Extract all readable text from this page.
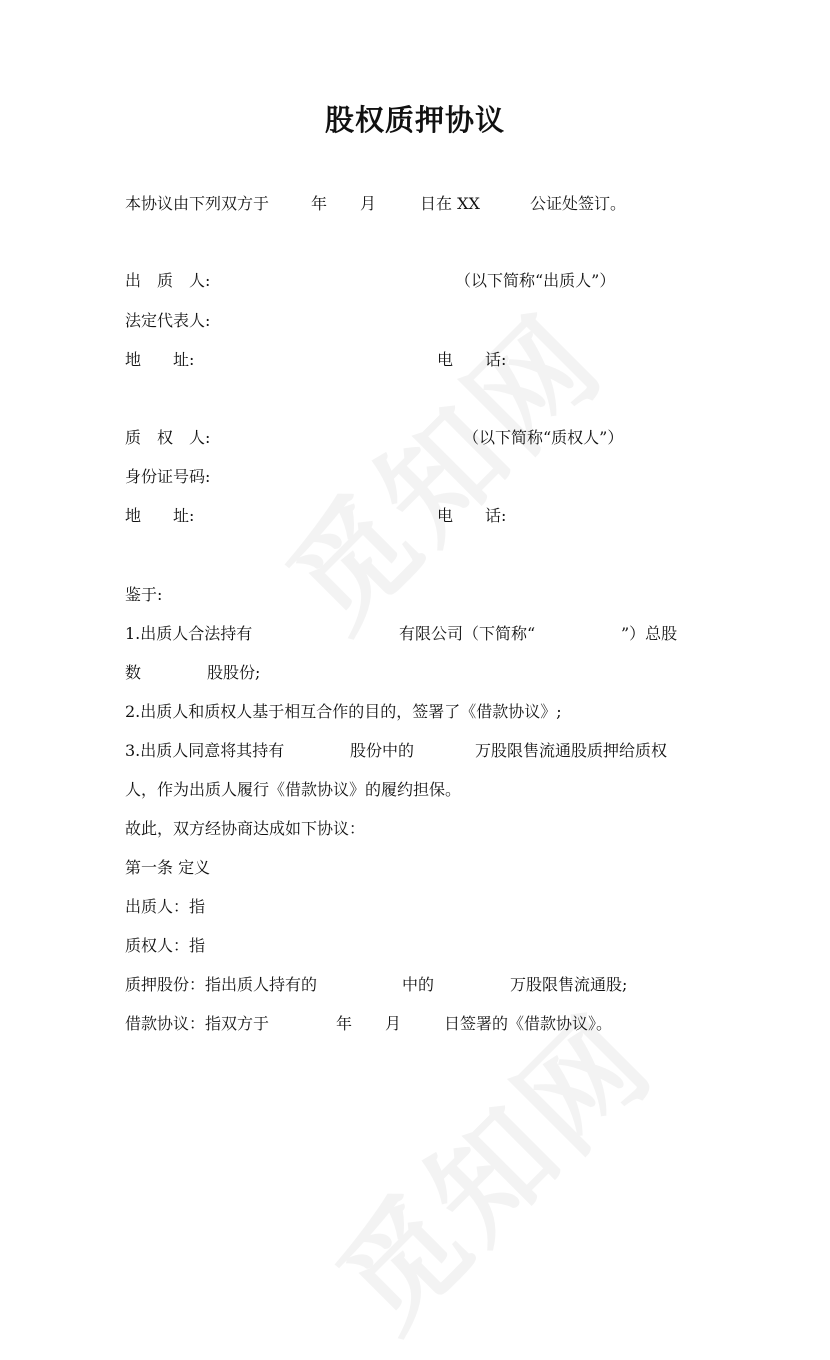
股权质押协议
本协议由下列双方于	年 月	日在 XX	公证处签订。
出　质　人:	（以下简称“出质人”）
法定代表人:
地　　址:	电　　话:
质　权　人:	（以下简称“质权人”）
身份证号码:
地　　址:	电　　话:
鉴于:
1.出质人合法持有	有限公司（下简称“	”）总股
数	股股份;
2.出质人和质权人基于相互合作的目的，签署了《借款协议》;
3.出质人同意将其持有	股份中的	万股限售流通股质押给质权
人，作为出质人履行《借款协议》的履约担保。
故此，双方经协商达成如下协议：
第一条 定义
出质人：指
质权人：指
质押股份：指出质人持有的	中的	万股限售流通股;
借款协议：指双方于	年 月	日签署的《借款协议》。
